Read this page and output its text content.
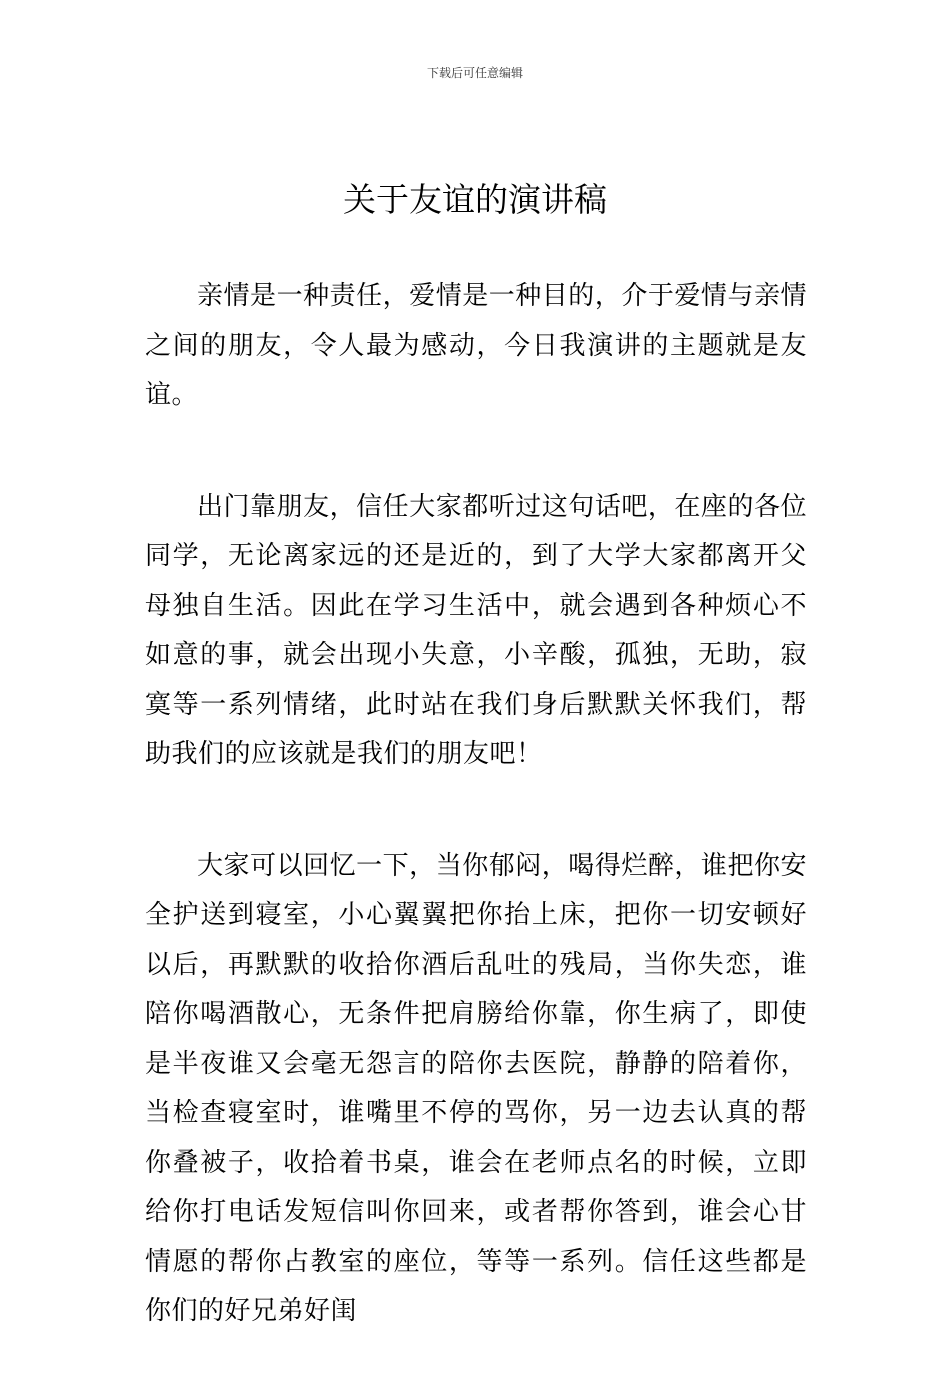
下载后可任意编辑
关于友谊的演讲稿

亲情是一种责任，爱情是一种目的，介于爱情与亲情之间的朋友，令人最为感动，今日我演讲的主题就是友谊。

出门靠朋友，信任大家都听过这句话吧，在座的各位同学，无论离家远的还是近的，到了大学大家都离开父母独自生活。因此在学习生活中，就会遇到各种烦心不如意的事，就会出现小失意，小辛酸，孤独，无助，寂寞等一系列情绪，此时站在我们身后默默关怀我们，帮助我们的应该就是我们的朋友吧！

大家可以回忆一下，当你郁闷，喝得烂醉，谁把你安全护送到寝室，小心翼翼把你抬上床，把你一切安顿好以后，再默默的收拾你酒后乱吐的残局，当你失恋，谁陪你喝酒散心，无条件把肩膀给你靠，你生病了，即使是半夜谁又会毫无怨言的陪你去医院，静静的陪着你，当检查寝室时，谁嘴里不停的骂你，另一边去认真的帮你叠被子，收拾着书桌，谁会在老师点名的时候，立即给你打电话发短信叫你回来，或者帮你答到，谁会心甘情愿的帮你占教室的座位，等等一系列。信任这些都是你们的好兄弟好闺
